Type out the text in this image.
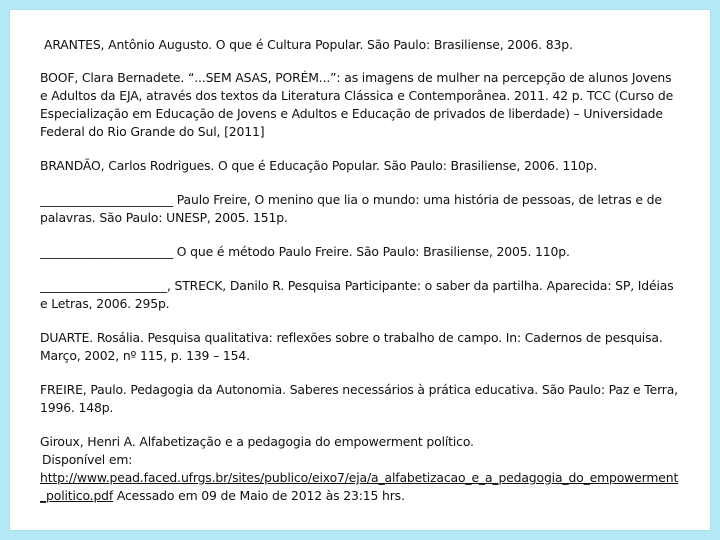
ARANTES, Antônio Augusto. O que é Cultura Popular. São Paulo: Brasiliense, 2006. 83p.
BOOF, Clara Bernadete. “...SEM ASAS, PORÉM...”: as imagens de mulher na percepção de alunos Jovens e Adultos da EJA, através dos textos da Literatura Clássica e Contemporânea. 2011. 42 p. TCC (Curso de Especialização em Educação de Jovens e Adultos e Educação de privados de liberdade) – Universidade Federal do Rio Grande do Sul, [2011]
BRANDÃO, Carlos Rodrigues. O que é Educação Popular. São Paulo: Brasiliense, 2006. 110p.
______________________ Paulo Freire, O menino que lia o mundo: uma história de pessoas, de letras e de palavras. São Paulo: UNESP, 2005. 151p.
______________________ O que é método Paulo Freire. São Paulo: Brasiliense, 2005. 110p.
_____________________, STRECK, Danilo R. Pesquisa Participante: o saber da partilha. Aparecida: SP, Idéias e Letras, 2006. 295p.
DUARTE. Rosália. Pesquisa qualitativa: reflexões sobre o trabalho de campo. In: Cadernos de pesquisa. Março, 2002, nº 115, p. 139 – 154.
FREIRE, Paulo. Pedagogia da Autonomia. Saberes necessários à prática educativa. São Paulo: Paz e Terra, 1996. 148p.
Giroux, Henri A. Alfabetização e a pedagogia do empowerment político.
Disponível em:
http://www.pead.faced.ufrgs.br/sites/publico/eixo7/eja/a_alfabetizacao_e_a_pedagogia_do_empowerment_politico.pdf Acessado em 09 de Maio de 2012 às 23:15 hrs.
